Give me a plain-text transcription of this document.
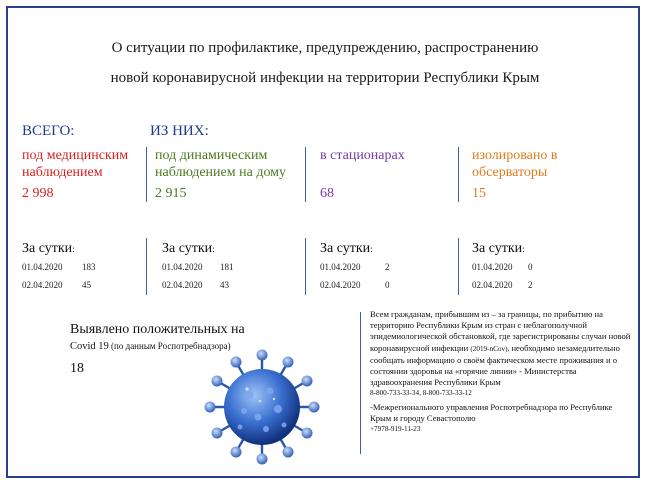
О ситуации по профилактике, предупреждению, распространению
новой коронавирусной инфекции на территории Республики Крым
ВСЕГО:	ИЗ НИХ:
под медицинским
наблюдением
2 998
под динамическим
наблюдением на дому
2 915
в стационарах
68
изолировано в
обсерваторы
15
За сутки:
01.04.2020 183
02.04.2020 45
За сутки:
01.04.2020 181
02.04.2020 43
За сутки:
01.04.2020	2
02.04.2020	0
За сутки:
01.04.2020 0
02.04.2020 2
Выявлено положительных на
Covid 19 (по данным Роспотребнадзора)
18

Всем гражданам, прибывшим из – за границы, по прибытию на территорию Республики Крым из стран с неблагополучной эпидемиологической обстановкой, где зарегистрированы случаи новой коронавирусной инфекции (2019-nCov), необходимо незамедлительно сообщать информацию о своём фактическом месте проживания и о состоянии здоровья на «горячие линии» - Министерства здравоохранения Республики Крым

8-800-733-33-34, 8-800-733-33-12

-Межрегионального управления Роспотребнадзора по Республике Крым и городу Севастополю

+7978-919-11-23
